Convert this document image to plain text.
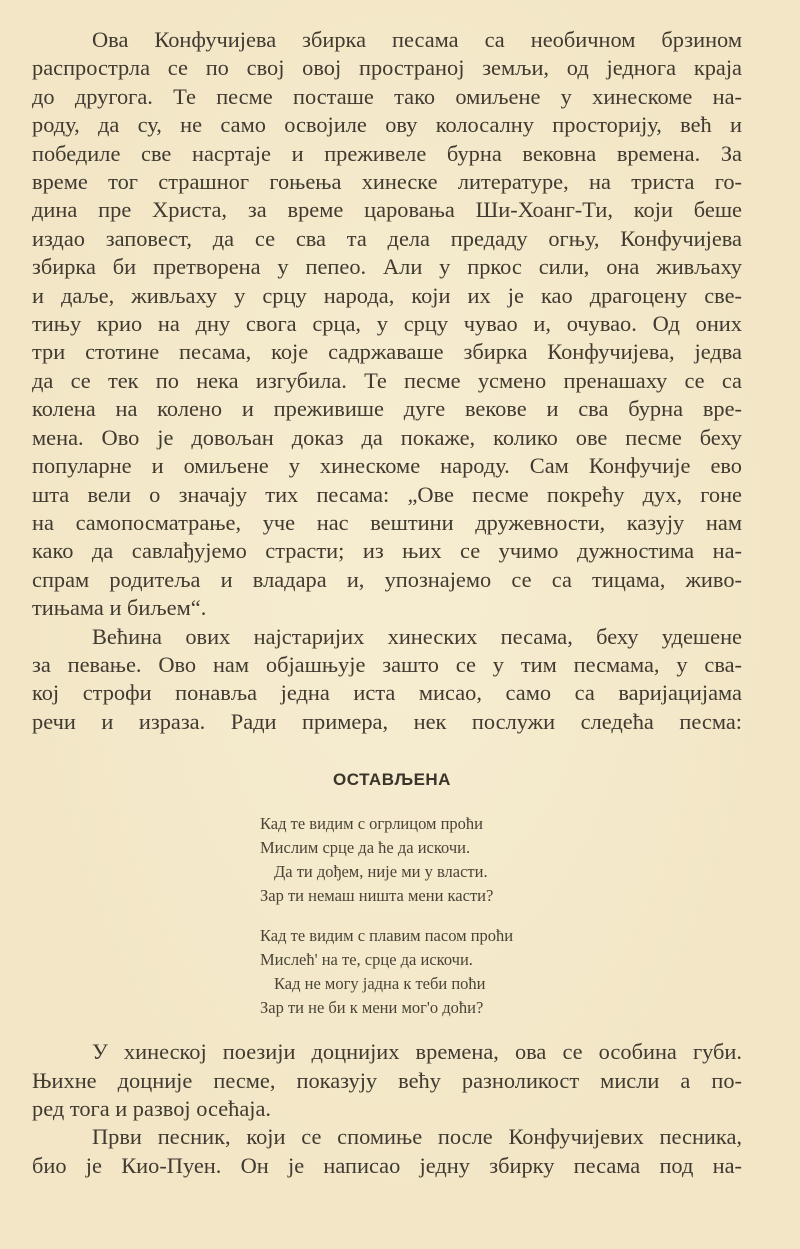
Ова Конфучијева збирка песама са необичном брзином
распрострла се по свој овој пространој земљи, од једнога краја
до другога. Те песме посташе тако омиљене у хинескоме на-
роду, да су, не само освојиле ову колосалну просторију, већ и
победиле све насртаје и преживеле бурна вековна времена. За
време тог страшног гоњења хинеске литературе, на триста го-
дина пре Христа, за време царовања Ши-Хоанг-Ти, који беше
издао заповест, да се сва та дела предаду огњу, Конфучијева
збирка би претворена у пепео. Али у пркос сили, она живљаху
и даље, живљаху у срцу народа, који их је као драгоцену све-
тињу крио на дну свога срца, у срцу чувао и, очувао. Од оних
три стотине песама, које садржаваше збирка Конфучијева, једва
да се тек по нека изгубила. Те песме усмено пренашаху се са
колена на колено и преживише дуге векове и сва бурна вре-
мена. Ово је довољан доказ да покаже, колико ове песме беху
популарне и омиљене у хинескоме народу. Сам Конфучије ево
шта вели о значају тих песама: „Ове песме покрећу дух, гоне
на самопосматрање, уче нас вештини дружевности, казују нам
како да савлађујемо страсти; из њих се учимо дужностима на-
спрам родитеља и владара и, упознајемо се са тицама, живо-
тињама и биљем“.
Већина ових најстаријих хинеских песама, беху удешене
за певање. Ово нам објашњује зашто се у тим песмама, у сва-
кој строфи понавља једна иста мисао, само са варијацијама
речи и израза. Ради примера, нек послужи следећа песма:
ОСТАВЉЕНА
Кад те видим с огрлицом проћи
Мислим срце да ће да искочи.
Да ти дођем, није ми у власти.
Зар ти немаш ништа мени касти?
Кад те видим с плавим пасом проћи
Мислећ' на те, срце да искочи.
Кад не могу јадна к теби поћи
Зар ти не би к мени мог'о доћи?
У хинеској поезији доцнијих времена, ова се особина губи.
Њихне доцније песме, показују већу разноликост мисли а по-
ред тога и развој осећаја.
Први песник, који се спомиње после Конфучијевих песника,
био је Кио-Пуен. Он је написао једну збирку песама под на-
